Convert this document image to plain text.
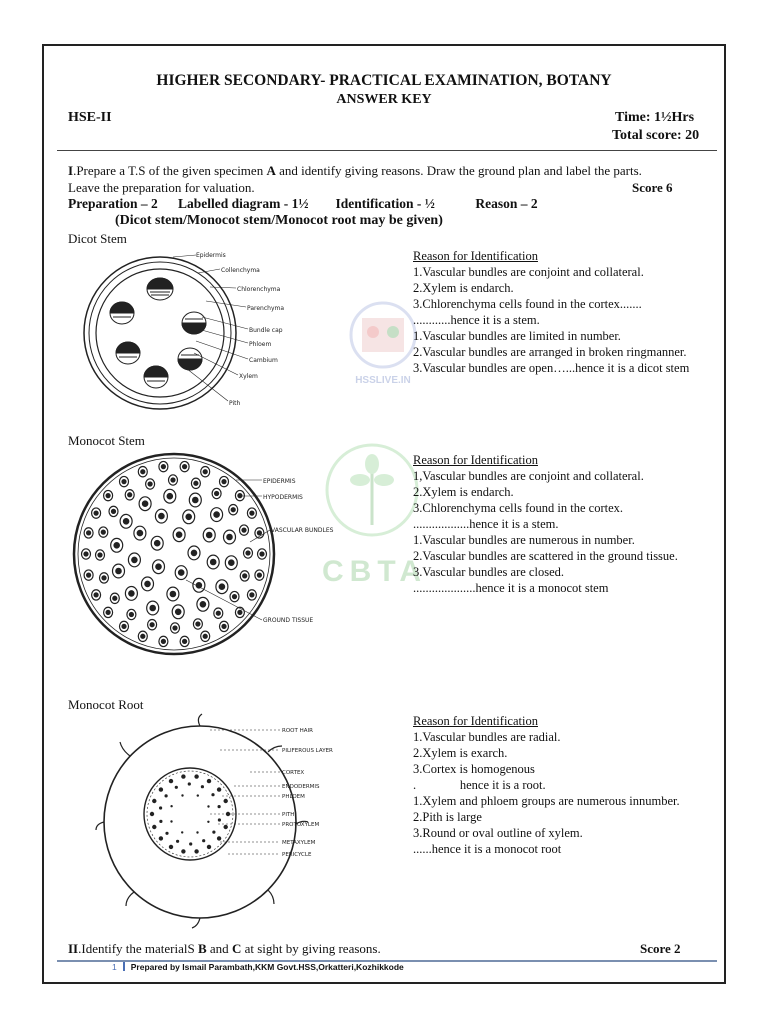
HIGHER SECONDARY- PRACTICAL EXAMINATION, BOTANY
ANSWER KEY
HSE-II	Time: 1½Hrs
Total score: 20
I.Prepare a T.S of the given specimen A and identify giving reasons. Draw the ground plan and label the parts.
Leave the preparation for valuation.	Score 6
Preparation – 2      Labelled diagram - 1½        Identification - ½            Reason – 2
(Dicot stem/Monocot stem/Monocot root may be given)
Dicot Stem
Epidermis
Collenchyma
Chlorenchyma
Parenchyma
Bundle cap
Phloem
Cambium
Xylem
Pith
HSSLIVE.IN
Reason for Identification
1.Vascular bundles are conjoint and collateral.
2.Xylem is endarch.
3.Chlorenchyma cells found in the cortex.......
............hence it is a stem.
1.Vascular bundles are limited in number.
2.Vascular bundles are arranged in broken ringmanner.
3.Vascular bundles are open…...hence it is a dicot stem
Monocot Stem
EPIDERMIS
HYPODERMIS
VASCULAR BUNDLES
GROUND TISSUE
CBTA
Reason for Identification
1,Vascular bundles are conjoint and collateral.
2.Xylem is endarch.
3.Chlorenchyma cells found in the cortex.
..................hence it is a stem.
1.Vascular bundles are numerous in number.
2.Vascular bundles are scattered in the ground tissue.
3.Vascular bundles are closed.
....................hence it is a monocot stem
Monocot Root
ROOT HAIR
PILIFEROUS LAYER
CORTEX
ENDODERMIS
PHLOEM
PITH
PROTOXYLEM
METAXYLEM
PERICYCLE
Reason for Identification
1.Vascular bundles are radial.
2.Xylem is exarch.
3.Cortex is homogenous
.              hence it is a root.
1.Xylem and phloem groups are numerous innumber.
2.Pith is large
3.Round or oval outline of xylem.
......hence it is a monocot root
II.Identify the materialS B and C at sight by giving reasons.	Score 2
1 Prepared by Ismail Parambath,KKM Govt.HSS,Orkatteri,Kozhikkode
